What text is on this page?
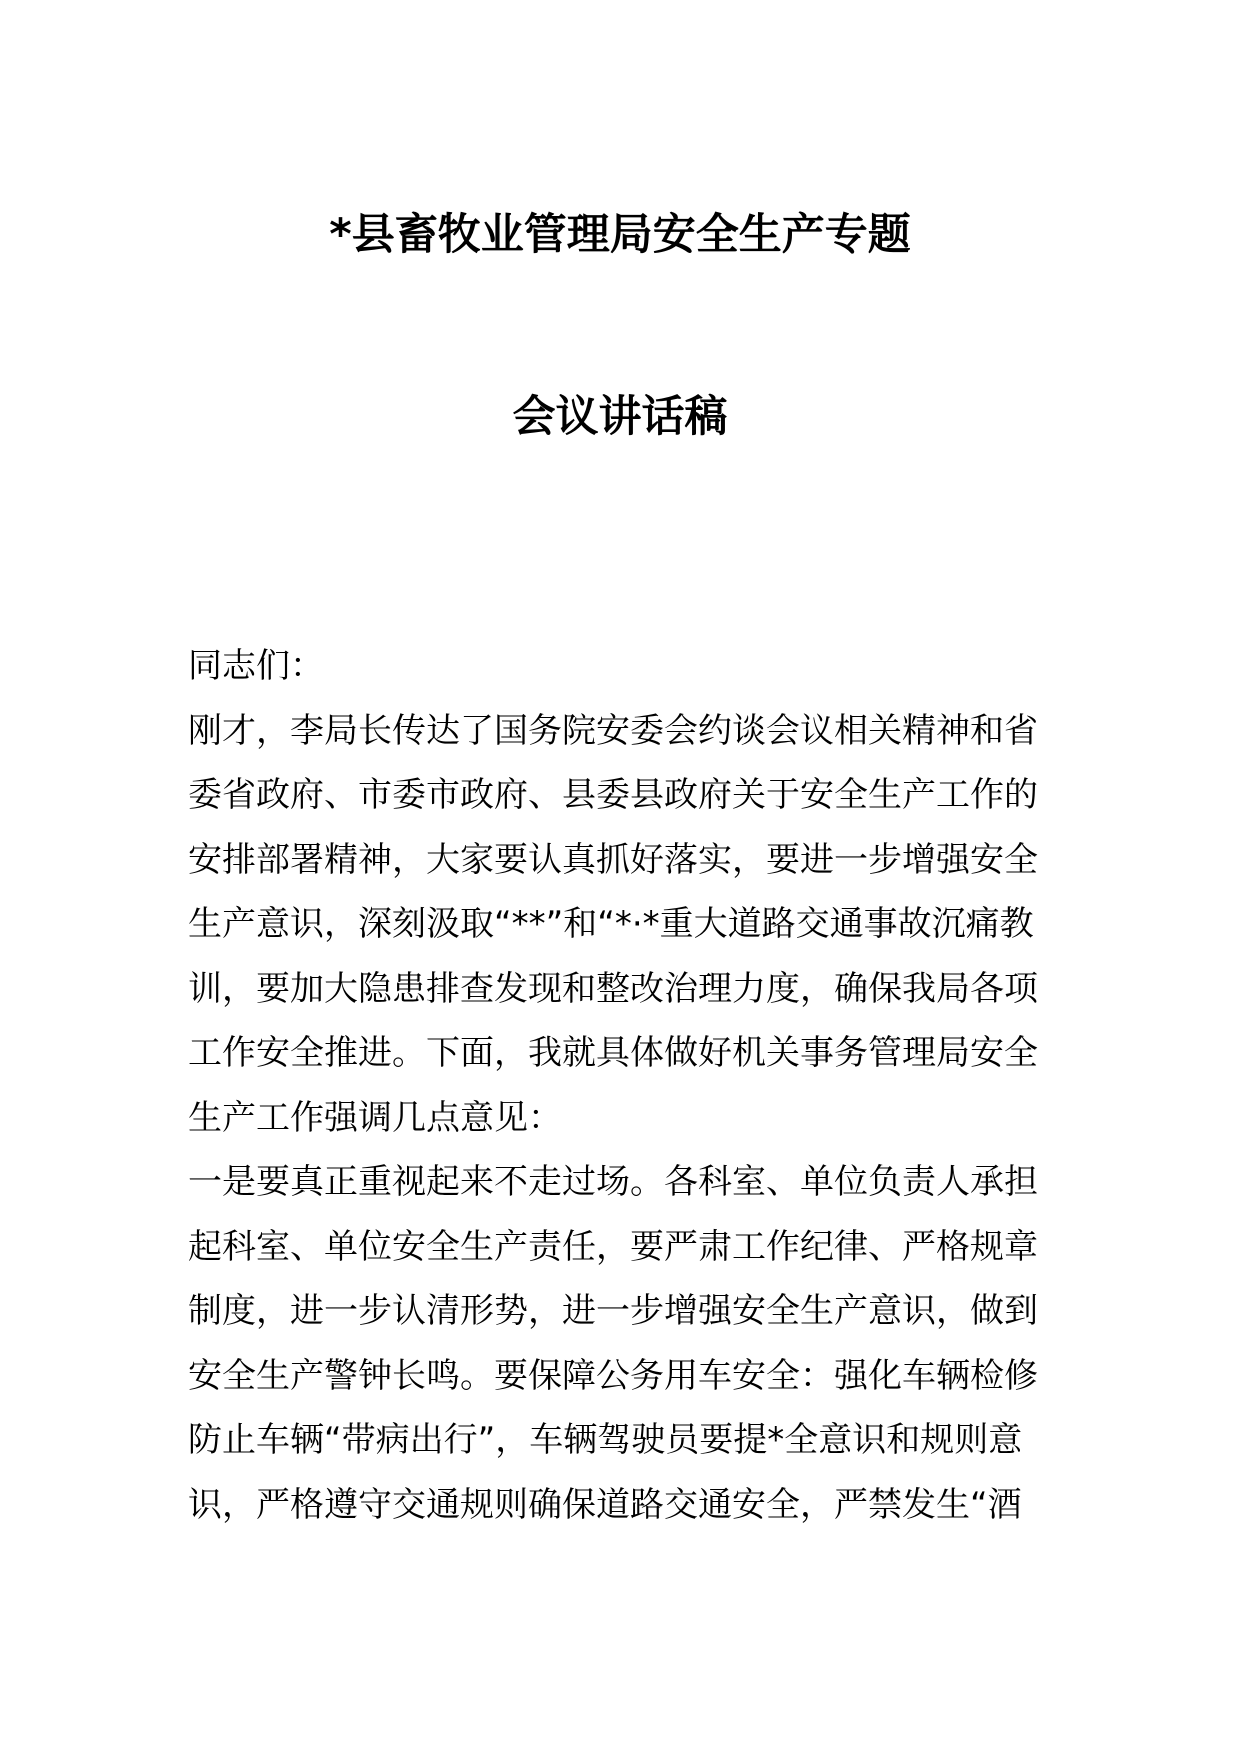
*县畜牧业管理局安全生产专题
会议讲话稿
同志们：
刚才，李局长传达了国务院安委会约谈会议相关精神和省
委省政府、市委市政府、县委县政府关于安全生产工作的
安排部署精神，大家要认真抓好落实，要进一步增强安全
生产意识，深刻汲取“**”和“*·*重大道路交通事故沉痛教
训，要加大隐患排查发现和整改治理力度，确保我局各项
工作安全推进。下面，我就具体做好机关事务管理局安全
生产工作强调几点意见：
一是要真正重视起来不走过场。各科室、单位负责人承担
起科室、单位安全生产责任，要严肃工作纪律、严格规章
制度，进一步认清形势，进一步增强安全生产意识，做到
安全生产警钟长鸣。要保障公务用车安全：强化车辆检修
防止车辆“带病出行”，车辆驾驶员要提*全意识和规则意
识，严格遵守交通规则确保道路交通安全，严禁发生“酒
